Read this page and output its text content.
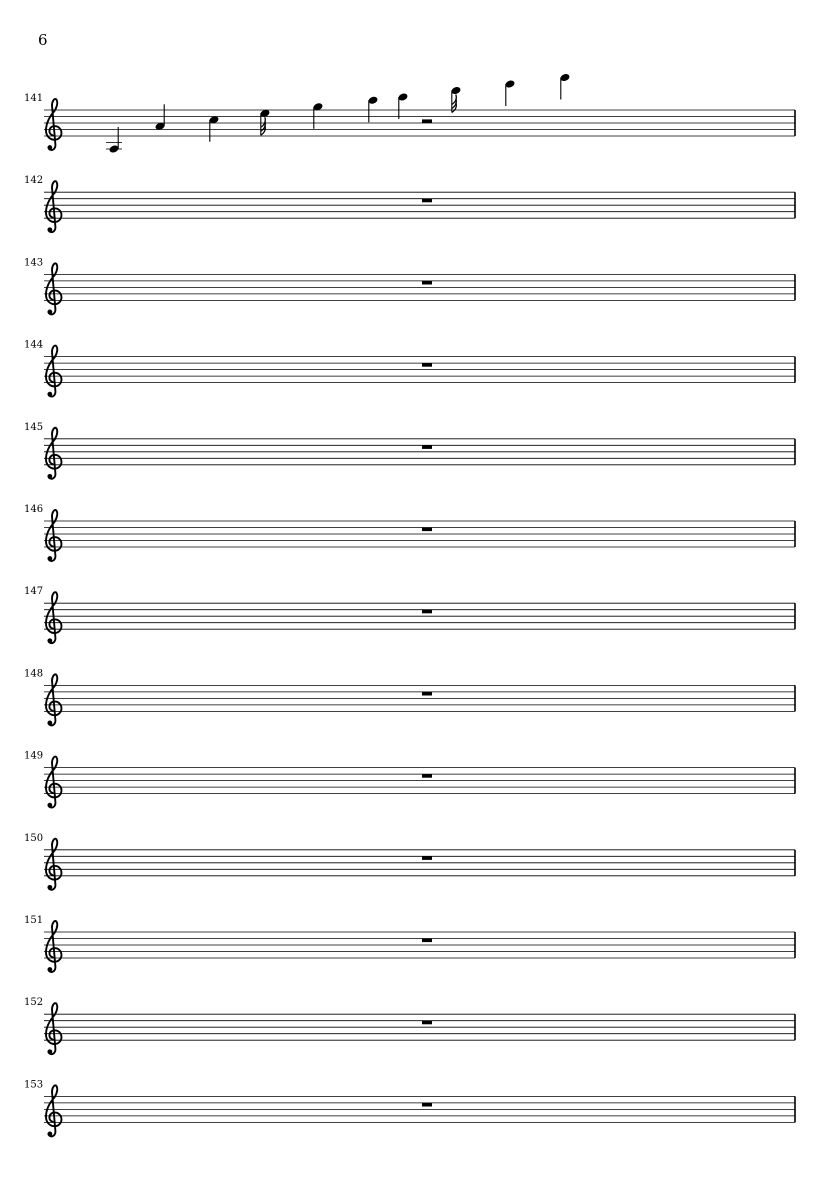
6
141
142
143
144
145
146
147
148
149
150
151
152
153
